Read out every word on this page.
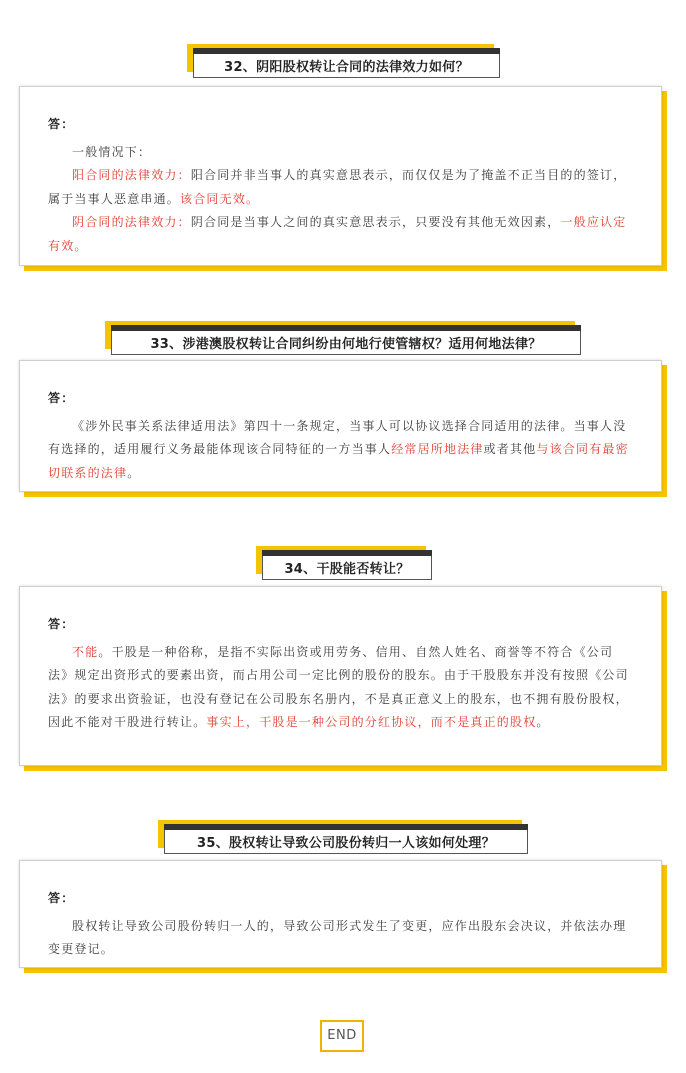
32、阴阳股权转让合同的法律效力如何？
答：

一般情况下：

阳合同的法律效力：阳合同并非当事人的真实意思表示，而仅仅是为了掩盖不正当目的的签订，属于当事人恶意串通。该合同无效。

阴合同的法律效力：阴合同是当事人之间的真实意思表示，只要没有其他无效因素，一般应认定有效。

33、涉港澳股权转让合同纠纷由何地行使管辖权？适用何地法律？
答：

《涉外民事关系法律适用法》第四十一条规定，当事人可以协议选择合同适用的法律。当事人没有选择的，适用履行义务最能体现该合同特征的一方当事人经常居所地法律或者其他与该合同有最密切联系的法律。

34、干股能否转让？
答：

不能。干股是一种俗称，是指不实际出资或用劳务、信用、自然人姓名、商誉等不符合《公司法》规定出资形式的要素出资，而占用公司一定比例的股份的股东。由于干股股东并没有按照《公司法》的要求出资验证，也没有登记在公司股东名册内，不是真正意义上的股东，也不拥有股份股权，因此不能对干股进行转让。事实上，干股是一种公司的分红协议，而不是真正的股权。

35、股权转让导致公司股份转归一人该如何处理？
答：

股权转让导致公司股份转归一人的，导致公司形式发生了变更，应作出股东会决议，并依法办理变更登记。

END
